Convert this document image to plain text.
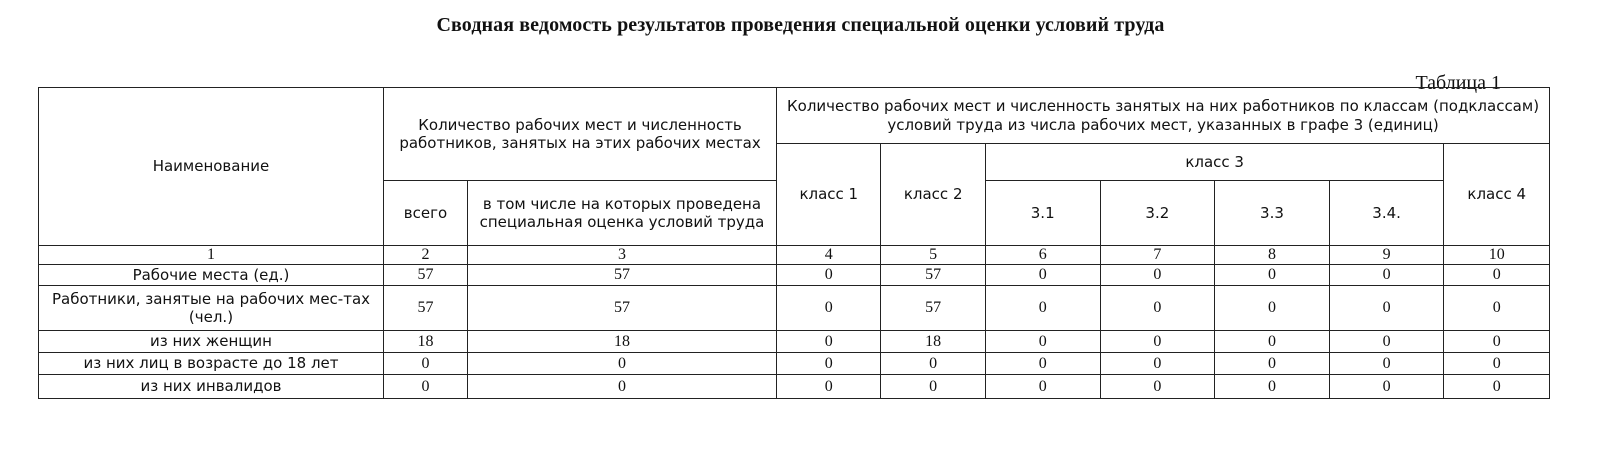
Сводная ведомость результатов проведения специальной оценки условий труда
Таблица 1
Наименование	Количество рабочих мест и численность работников, занятых на этих рабочих местах		Количество рабочих мест и численность занятых на них работников по классам (подклассам) условий труда из числа рабочих мест, указанных в графе 3 (единиц)						
			класс 1	класс 2	класс 3				класс 4
	всего	в том числе на которых проведена специальная оценка условий труда			3.1	3.2	3.3	3.4.	
1	2	3	4	5	6	7	8	9	10
Рабочие места (ед.)	57	57	0	57	0	0	0	0	0
Работники, занятые на рабочих мес-тах (чел.)	57	57	0	57	0	0	0	0	0
из них женщин	18	18	0	18	0	0	0	0	0
из них лиц в возрасте до 18 лет	0	0	0	0	0	0	0	0	0
из них инвалидов	0	0	0	0	0	0	0	0	0
